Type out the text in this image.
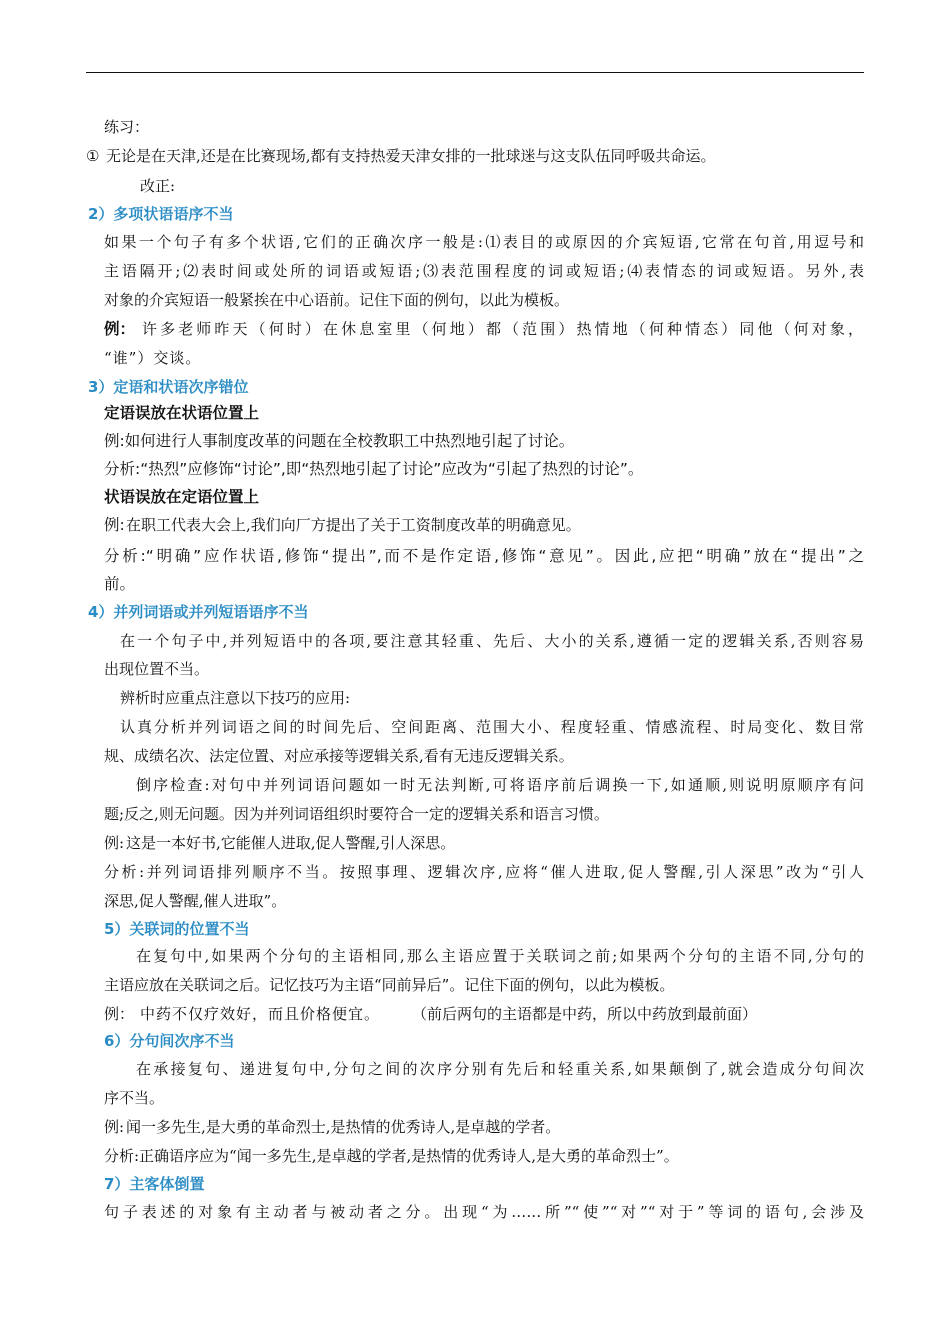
练习：
① 无论是在天津,还是在比赛现场,都有支持热爱天津女排的一批球迷与这支队伍同呼吸共命运。
改正:
2）多项状语语序不当
如果一个句子有多个状语,它们的正确次序一般是:⑴表目的或原因的介宾短语,它常在句首,用逗号和
主语隔开;⑵表时间或处所的词语或短语;⑶表范围程度的词或短语;⑷表情态的词或短语。另外,表
对象的介宾短语一般紧挨在中心语前。记住下面的例句，以此为模板。
例： 许多老师昨天（何时）在休息室里（何地）都（范围）热情地（何种情态）同他（何对象，
“谁”）交谈。
3）定语和状语次序错位
定语误放在状语位置上
例:如何进行人事制度改革的问题在全校教职工中热烈地引起了讨论。
分析:“热烈”应修饰“讨论”,即“热烈地引起了讨论”应改为“引起了热烈的讨论”。
状语误放在定语位置上
例: 在职工代表大会上,我们向厂方提出了关于工资制度改革的明确意见。
分析:“明确”应作状语,修饰“提出”,而不是作定语,修饰“意见”。因此,应把“明确”放在“提出”之
前。
4）并列词语或并列短语语序不当
在一个句子中,并列短语中的各项,要注意其轻重、先后、大小的关系,遵循一定的逻辑关系,否则容易
出现位置不当。
辨析时应重点注意以下技巧的应用:
认真分析并列词语之间的时间先后、空间距离、范围大小、程度轻重、情感流程、时局变化、数目常
规、成绩名次、法定位置、对应承接等逻辑关系,看有无违反逻辑关系。
倒序检查:对句中并列词语问题如一时无法判断,可将语序前后调换一下,如通顺,则说明原顺序有问
题;反之,则无问题。因为并列词语组织时要符合一定的逻辑关系和语言习惯。
例: 这是一本好书,它能催人进取,促人警醒,引人深思。
分析:并列词语排列顺序不当。按照事理、逻辑次序,应将“催人进取,促人警醒,引人深思”改为“引人
深思,促人警醒,催人进取”。
5）关联词的位置不当
在复句中,如果两个分句的主语相同,那么主语应置于关联词之前;如果两个分句的主语不同,分句的
主语应放在关联词之后。记忆技巧为主语“同前异后”。记住下面的例句，以此为模板。
例： 中药不仅疗效好，而且价格便宜。 （前后两句的主语都是中药，所以中药放到最前面）
6）分句间次序不当
在承接复句、递进复句中,分句之间的次序分别有先后和轻重关系,如果颠倒了,就会造成分句间次
序不当。
例: 闻一多先生,是大勇的革命烈士,是热情的优秀诗人,是卓越的学者。
分析:正确语序应为“闻一多先生,是卓越的学者,是热情的优秀诗人,是大勇的革命烈士”。
7）主客体倒置
句子表述的对象有主动者与被动者之分。出现“为……所”“使”“对”“对于”等词的语句,会涉及
